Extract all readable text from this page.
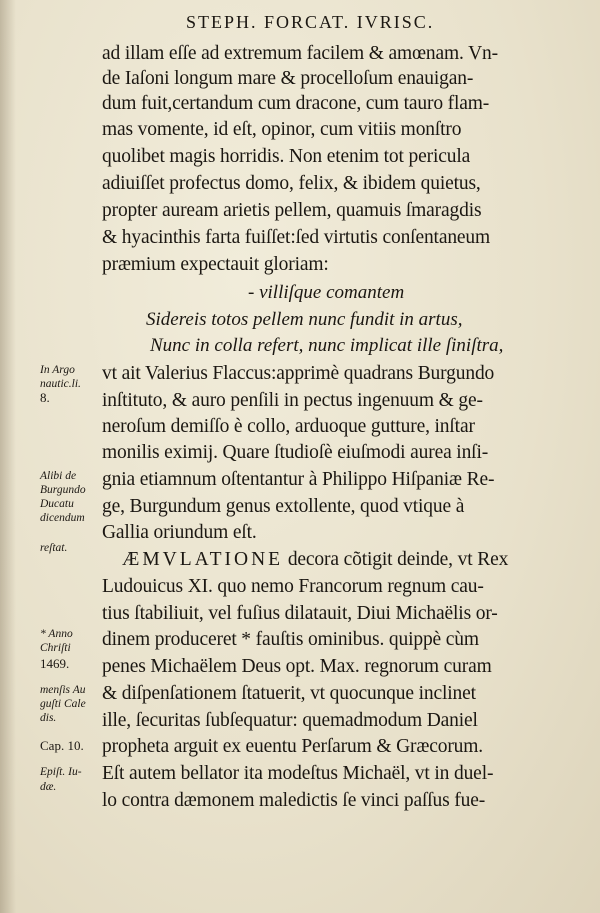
STEPH. FORCAT. IVRISC.
ad illam eſſe ad extremum facilem & amœnam. Vn-
de Iaſoni longum mare & procelloſum enauigan-
dum fuit,certandum cum dracone, cum tauro flam-
mas vomente, id eſt, opinor, cum vitiis monſtro
quolibet magis horridis. Non etenim tot pericula
adiuiſſet profectus domo, felix, & ibidem quietus,
propter auream arietis pellem, quamuis ſmaragdis
& hyacinthis farta fuiſſet:ſed virtutis conſentaneum
præmium expectauit gloriam:
- villiſque comantem
Sidereis totos pellem nunc fundit in artus,
Nunc in colla refert, nunc implicat ille ſiniſtra,
vt ait Valerius Flaccus:apprimè quadrans Burgundo
inſtituto, & auro penſili in pectus ingenuum & ge-
neroſum demiſſo è collo, arduoque gutture, inſtar
monilis eximij. Quare ſtudioſè eiuſmodi aurea inſi-
gnia etiamnum oſtentantur à Philippo Hiſpaniæ Re-
ge, Burgundum genus extollente, quod vtique à
Gallia oriundum eſt.
ÆMVLATIONE decora cõtigit deinde, vt Rex
Ludouicus XI. quo nemo Francorum regnum cau-
tius ſtabiliuit, vel fuſius dilatauit, Diui Michaëlis or-
dinem produceret * fauſtis ominibus. quippè cùm
penes Michaëlem Deus opt. Max. regnorum curam
& diſpenſationem ſtatuerit, vt quocunque inclinet
ille, ſecuritas ſubſequatur: quemadmodum Daniel
propheta arguit ex euentu Perſarum & Græcorum.
Eſt autem bellator ita modeſtus Michaël, vt in duel-
lo contra dæmonem maledictis ſe vinci paſſus fue-
In Argo
nautic.li.
8.
Alibi de
Burgundo
Ducatu
dicendum
reſtat.
* Anno
Chriſti
1469.
menſis Au
guſti Cale
dis.
Cap. 10.
Epiſt. Iu-
dæ.
